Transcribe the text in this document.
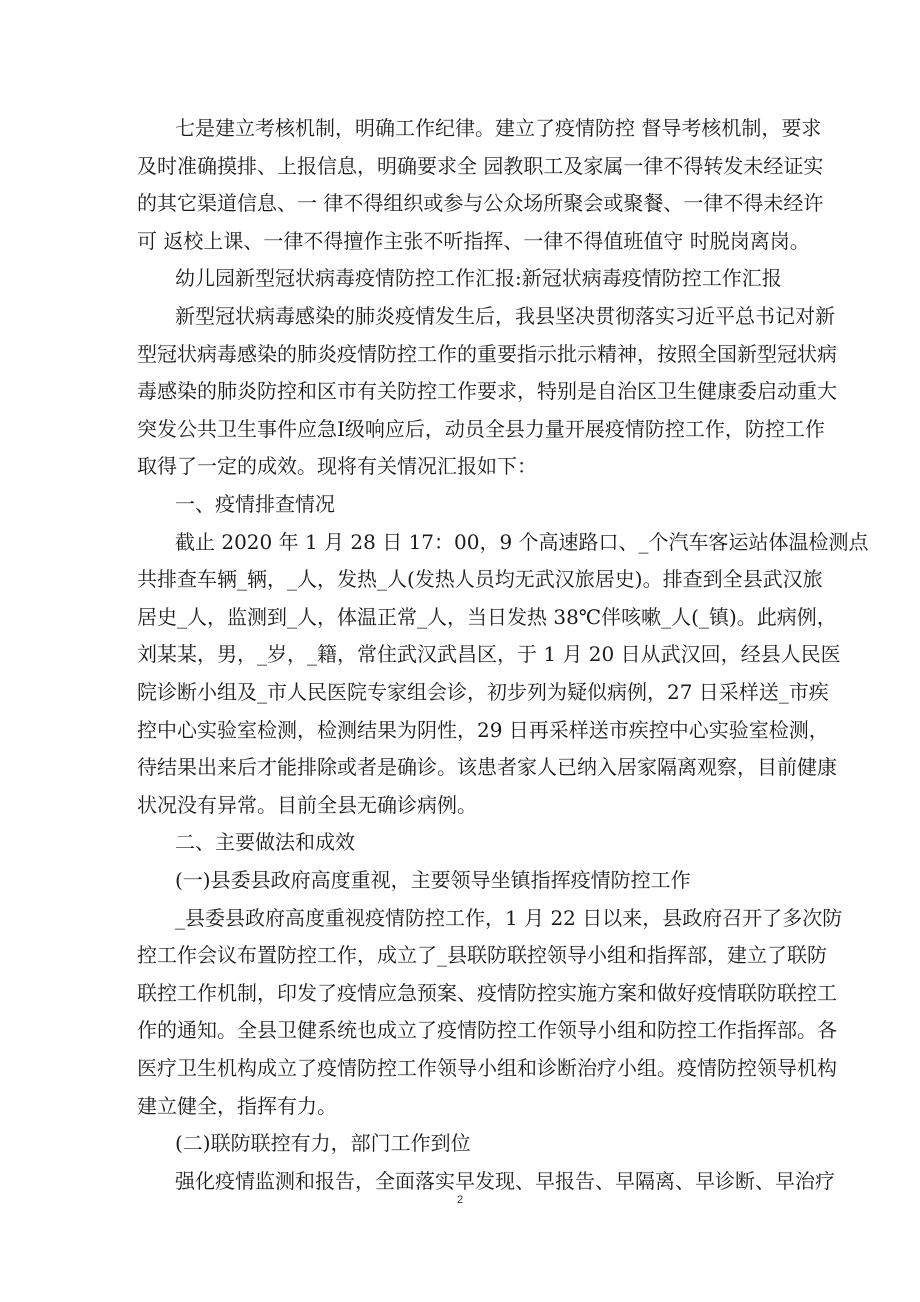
七是建立考核机制，明确工作纪律。建立了疫情防控 督导考核机制，要求
及时准确摸排、上报信息，明确要求全 园教职工及家属一律不得转发未经证实
的其它渠道信息、一 律不得组织或参与公众场所聚会或聚餐、一律不得未经许
可 返校上课、一律不得擅作主张不听指挥、一律不得值班值守 时脱岗离岗。
幼儿园新型冠状病毒疫情防控工作汇报:新冠状病毒疫情防控工作汇报
新型冠状病毒感染的肺炎疫情发生后，我县坚决贯彻落实习近平总书记对新
型冠状病毒感染的肺炎疫情防控工作的重要指示批示精神，按照全国新型冠状病
毒感染的肺炎防控和区市有关防控工作要求，特别是自治区卫生健康委启动重大
突发公共卫生事件应急Ⅰ级响应后，动员全县力量开展疫情防控工作，防控工作
取得了一定的成效。现将有关情况汇报如下：
一、疫情排查情况
截止 2020 年 1 月 28 日 17：00，9 个高速路口、_个汽车客运站体温检测点
共排查车辆_辆，_人，发热_人(发热人员均无武汉旅居史)。排查到全县武汉旅
居史_人，监测到_人，体温正常_人，当日发热 38℃伴咳嗽_人(_镇)。此病例，
刘某某，男，_岁，_籍，常住武汉武昌区，于 1 月 20 日从武汉回，经县人民医
院诊断小组及_市人民医院专家组会诊，初步列为疑似病例，27 日采样送_市疾
控中心实验室检测，检测结果为阴性，29 日再采样送市疾控中心实验室检测，
待结果出来后才能排除或者是确诊。该患者家人已纳入居家隔离观察，目前健康
状况没有异常。目前全县无确诊病例。
二、主要做法和成效
(一)县委县政府高度重视，主要领导坐镇指挥疫情防控工作
_县委县政府高度重视疫情防控工作，1 月 22 日以来，县政府召开了多次防
控工作会议布置防控工作，成立了_县联防联控领导小组和指挥部，建立了联防
联控工作机制，印发了疫情应急预案、疫情防控实施方案和做好疫情联防联控工
作的通知。全县卫健系统也成立了疫情防控工作领导小组和防控工作指挥部。各
医疗卫生机构成立了疫情防控工作领导小组和诊断治疗小组。疫情防控领导机构
建立健全，指挥有力。
(二)联防联控有力，部门工作到位
强化疫情监测和报告，全面落实早发现、早报告、早隔离、早诊断、早治疗
2
